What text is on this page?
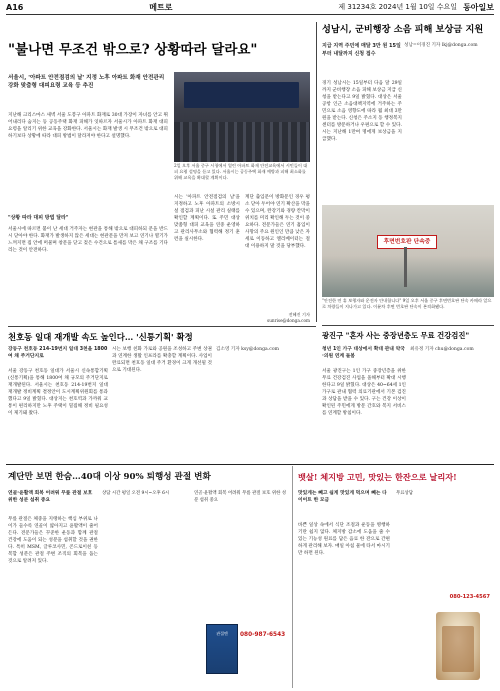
A16	메트로	제 31234호 2024년 1월 10일 수요일 동아일보
"불나면 무조건 밖으로? 상황따라 달라요"
서울시, '아파트 안전점검의 날' 지정 노후 아파트 화재 안전관리 강화 맞춤형 대피요령 교육 등 추진
2일 오후 서울 중구 시청에서 열린 아파트 화재 안전교육에서 시민들이 대피 요령 설명을 듣고 있다. 서울시는 공동주택 화재 예방과 피해 최소화를 위해 교육을 확대할 계획이다.
지난해 크리스마스 새벽 서울 도봉구 아파트 화재로 30대 가장이 자녀를 안고 뛰어내리다 숨지는 등 공동주택 화재 피해가 잇따르자 서울시가 아파트 화재 대피 요령을 알리기 위한 교육을 강화한다. 서울시는 화재 발생 시 무조건 밖으로 대피하기보다 상황에 따라 대피 방법이 달라져야 한다고 설명했다.
"상황 따라 대피 방법 달라"
서울시에 따르면 불이 난 세대 거주자는 현관을 통해 밖으로 대피하되 문을 반드시 닫아야 한다. 화재가 발생하지 않은 세대는 현관문을 만져 보고 연기나 열기가 느껴지면 집 안에 머물며 창문을 닫고 젖은 수건으로 틈새를 막은 채 구조를 기다리는 것이 안전하다.
시는 '아파트 안전점검의 날'을 지정하고 노후 아파트의 소방시설 점검과 피난 시설 관리 실태를 확인할 계획이다. 또 주민 대상 맞춤형 대피 교육을 연중 운영하고 관리사무소와 협력해 정기 훈련을 실시한다.
계단 출입문이 방화문인 경우 평소 닫아 두어야 연기 확산을 막을 수 있으며, 완강기와 경량 칸막이 위치를 미리 확인해 두는 것이 중요하다. 전문가들은 연기 흡입이 사망의 주요 원인인 만큼 낮은 자세로 이동하고 엘리베이터는 절대 이용하지 말 것을 당부했다.
전혜진 기자 sunrise@donga.com
성남시, 군비행장 소음 피해 보상금 지원
지급 지역 주민에 매달 3만 원 15일부터 내달까지 신청 접수
경기 성남시는 15일부터 다음 달 29일까지 군비행장 소음 피해 보상금 지급 신청을 받는다고 9일 밝혔다. 대상은 서울공항 인근 소음대책지역에 거주하는 주민으로 소음 영향도에 따라 월 최대 3만 원을 받는다. 신청은 주소지 동 행정복지센터를 방문하거나 우편으로 할 수 있다. 시는 지난해 1만여 명에게 보상금을 지급했다.
성남=이경진 기자 lkj@donga.com
후면번호판 단속중
"안전한 연 휴 보행자와 운전자 안내합니다" 9일 오후 서울 중구 후면번호판 단속 카메라 앞으로 차량들이 지나가고 있다. 이륜차 후면 번호판 단속이 본격화됐다.
광진구 "혼자 사는 중장년층도 무료 건강검진"
청년 1인 가구 대상에서 확대 관내 약국·의원 연계 돌봄
서울 광진구는 1인 가구 중장년층을 위한 무료 건강검진 사업을 올해부터 확대 시행한다고 9일 밝혔다. 대상은 40~64세 1인 가구로 관내 협력 의료기관에서 기본 검진과 상담을 받을 수 있다. 구는 건강 이상이 확인된 주민에게 방문 간호와 복지 서비스를 연계할 방침이다.
최유정 기자 chu@donga.com
천호동 일대 재개발 속도 높인다… '신통기획' 확정
강동구 천호동 214-19번지 일대 3천을 1800여 채 주거단지로
서울 강동구 천호동 일대가 서울시 신속통합기획(신통기획)을 통해 1800여 채 규모의 주거단지로 재개발된다. 서울시는 천호동 214-19번지 일대 재개발 정비계획 결정안이 도시계획위원회를 통과했다고 9일 밝혔다. 대상지는 천호역과 가까워 교통이 편리하지만 노후 주택이 밀집해 정비 필요성이 제기돼 왔다.
시는 보행 친화 가로와 공원을 조성하고 주변 상권과 연계한 생활 인프라를 확충할 계획이다. 사업이 완료되면 천호동 일대 주거 환경이 크게 개선될 것으로 기대된다.
김소영 기자 ksy@donga.com
계단만 보면 한숨…40대 이상 90% 퇴행성 관절 변화
연골·윤활액 회복 어려워 무릎 관절 보호 위한 성분 섭취 중요
무릎 관절은 체중을 지탱하는 핵심 부위로 나이가 들수록 연골이 얇아지고 윤활액이 줄어든다. 전문가들은 꾸준한 운동과 함께 관절 건강에 도움이 되는 성분을 섭취할 것을 권한다. 특히 MSM, 글루코사민, 콘드로이친 등 복합 성분은 관절 주변 조직의 회복을 돕는 것으로 알려져 있다.
상담 시간 평일 오전 9시~오후 6시	연골·윤활액 회복 어려워 무릎 관절 보호 위한 성분 섭취 중요
관절엔	080-987-6543
뱃살! 체지방 고민, 맛있는 한잔으로 날리자!
맛있게는 빼고 쉽게 맛있게 먹으며 빼는 다이어트 한 모금
바쁜 일상 속에서 식단 조절과 운동을 병행하기란 쉽지 않다. 체지방 감소에 도움을 줄 수 있는 기능성 원료를 담은 음료 한 잔으로 간편하게 관리해 보자. 매일 아침 물에 타서 마시기만 하면 된다.
무료상담
080-123-4567
